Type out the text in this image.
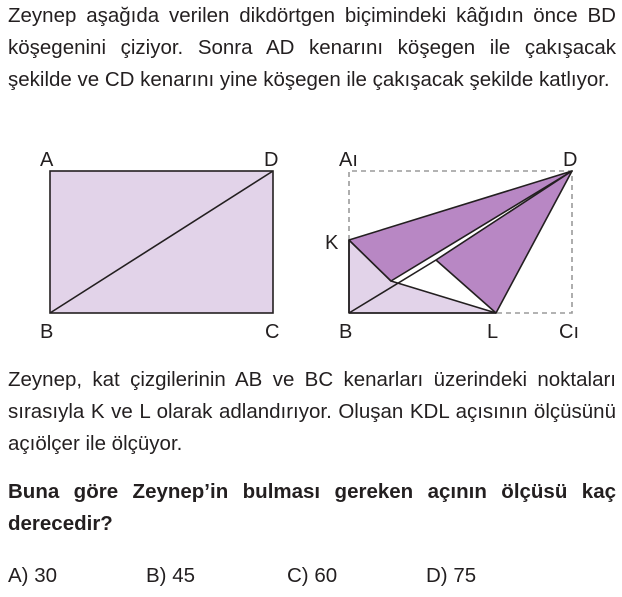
Zeynep aşağıda verilen dikdörtgen biçimindeki kâğıdın önce BD köşegenini çiziyor. Sonra AD kenarını köşegen ile çakışacak şekilde ve CD kenarını yine köşegen ile çakışacak şekilde katlıyor.

A	D
B	C
Aı	D
K
B	L	Cı

Zeynep, kat çizgilerinin AB ve BC kenarları üzerindeki noktaları sırasıyla K ve L olarak adlandırıyor. Oluşan KDL açısının ölçüsünü açıölçer ile ölçüyor.

Buna göre Zeynep’in bulması gereken açının ölçüsü kaç derecedir?

A) 30	B) 45	C) 60	D) 75
